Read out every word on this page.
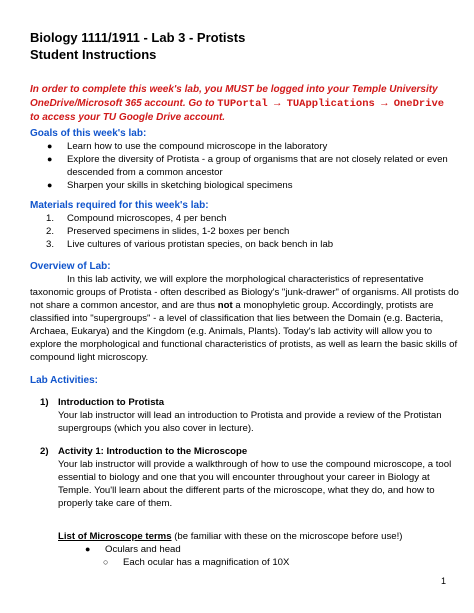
Biology 1111/1911 - Lab 3 - Protists
Student Instructions
In order to complete this week's lab, you MUST be logged into your Temple University OneDrive/Microsoft 365 account. Go to TUPortal → TUApplications → OneDrive to access your TU Google Drive account.
Goals of this week's lab:
● Learn how to use the compound microscope in the laboratory
● Explore the diversity of Protista - a group of organisms that are not closely related or even
descended from a common ancestor
● Sharpen your skills in sketching biological specimens
Materials required for this week's lab:
1. Compound microscopes, 4 per bench
2. Preserved specimens in slides, 1-2 boxes per bench
3. Live cultures of various protistan species, on back bench in lab
Overview of Lab:
In this lab activity, we will explore the morphological characteristics of representative
taxonomic groups of Protista - often described as Biology's "junk-drawer" of organisms. All protists do
not share a common ancestor, and are thus not a monophyletic group. Accordingly, protists are
classified into "supergroups" - a level of classification that lies between the Domain (e.g. Bacteria,
Archaea, Eukarya) and the Kingdom (e.g. Animals, Plants). Today's lab activity will allow you to
explore the morphological and functional characteristics of protists, as well as learn the basic skills of
compound light microscopy.
Lab Activities:
1) Introduction to Protista
Your lab instructor will lead an introduction to Protista and provide a review of the Protistan
supergroups (which you also cover in lecture).
2) Activity 1: Introduction to the Microscope
Your lab instructor will provide a walkthrough of how to use the compound microscope, a tool
essential to biology and one that you will encounter throughout your career in Biology at
Temple. You'll learn about the different parts of the microscope, what they do, and how to
properly take care of them.
List of Microscope terms (be familiar with these on the microscope before use!)
● Oculars and head
○ Each ocular has a magnification of 10X
1
